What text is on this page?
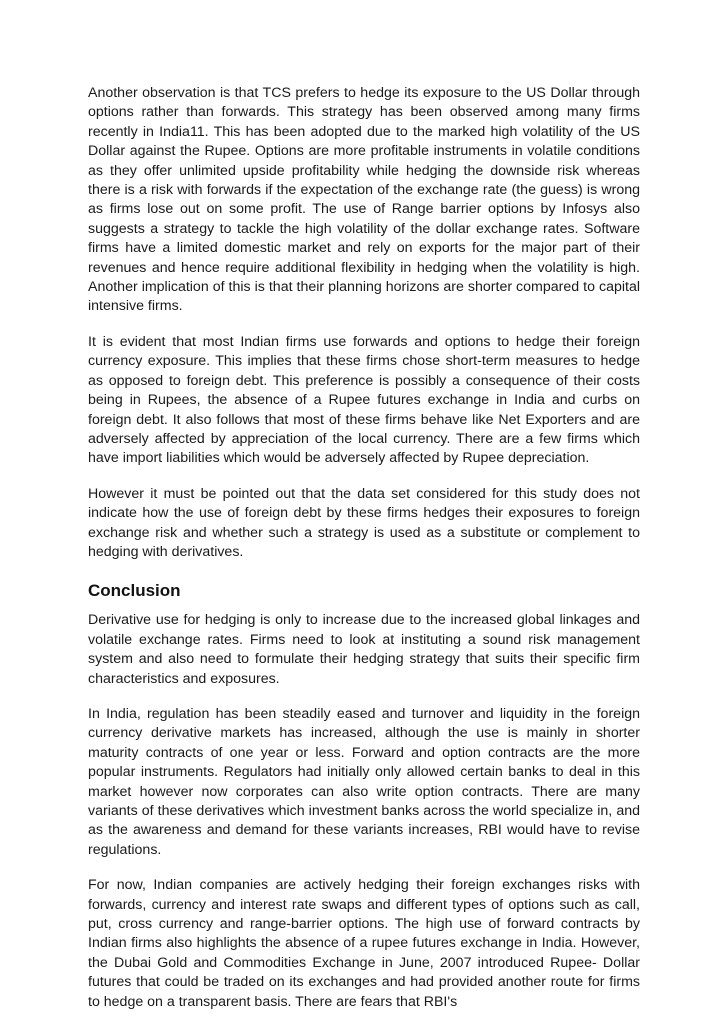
Another observation is that TCS prefers to hedge its exposure to the US Dollar through options rather than forwards. This strategy has been observed among many firms recently in India11. This has been adopted due to the marked high volatility of the US Dollar against the Rupee. Options are more profitable instruments in volatile conditions as they offer unlimited upside profitability while hedging the downside risk whereas there is a risk with forwards if the expectation of the exchange rate (the guess) is wrong as firms lose out on some profit. The use of Range barrier options by Infosys also suggests a strategy to tackle the high volatility of the dollar exchange rates. Software firms have a limited domestic market and rely on exports for the major part of their revenues and hence require additional flexibility in hedging when the volatility is high. Another implication of this is that their planning horizons are shorter compared to capital intensive firms.

It is evident that most Indian firms use forwards and options to hedge their foreign currency exposure. This implies that these firms chose short-term measures to hedge as opposed to foreign debt. This preference is possibly a consequence of their costs being in Rupees, the absence of a Rupee futures exchange in India and curbs on foreign debt. It also follows that most of these firms behave like Net Exporters and are adversely affected by appreciation of the local currency. There are a few firms which have import liabilities which would be adversely affected by Rupee depreciation.

However it must be pointed out that the data set considered for this study does not indicate how the use of foreign debt by these firms hedges their exposures to foreign exchange risk and whether such a strategy is used as a substitute or complement to hedging with derivatives.

Conclusion

Derivative use for hedging is only to increase due to the increased global linkages and volatile exchange rates. Firms need to look at instituting a sound risk management system and also need to formulate their hedging strategy that suits their specific firm characteristics and exposures.

In India, regulation has been steadily eased and turnover and liquidity in the foreign currency derivative markets has increased, although the use is mainly in shorter maturity contracts of one year or less. Forward and option contracts are the more popular instruments. Regulators had initially only allowed certain banks to deal in this market however now corporates can also write option contracts. There are many variants of these derivatives which investment banks across the world specialize in, and as the awareness and demand for these variants increases, RBI would have to revise regulations.

For now, Indian companies are actively hedging their foreign exchanges risks with forwards, currency and interest rate swaps and different types of options such as call, put, cross currency and range-barrier options. The high use of forward contracts by Indian firms also highlights the absence of a rupee futures exchange in India. However, the Dubai Gold and Commodities Exchange in June, 2007 introduced Rupee- Dollar futures that could be traded on its exchanges and had provided another route for firms to hedge on a transparent basis. There are fears that RBI's
